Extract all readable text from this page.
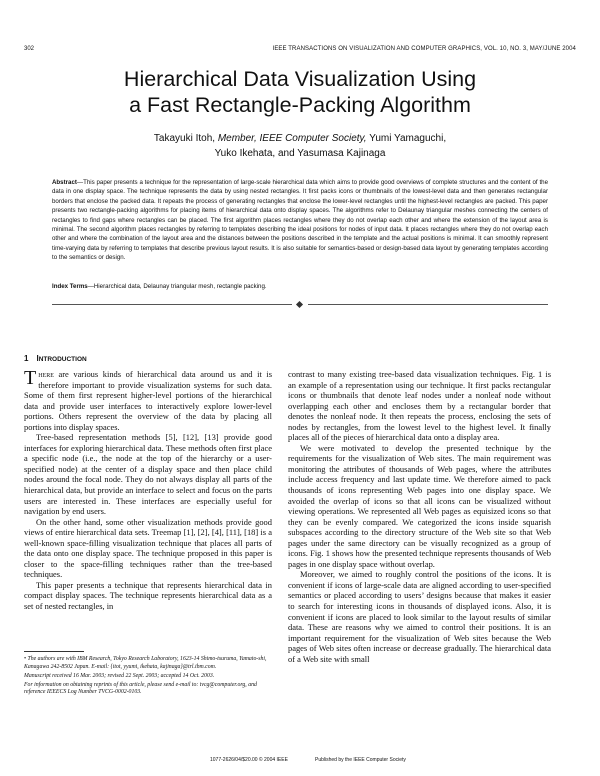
302	IEEE TRANSACTIONS ON VISUALIZATION AND COMPUTER GRAPHICS, VOL. 10, NO. 3, MAY/JUNE 2004
Hierarchical Data Visualization Using
a Fast Rectangle-Packing Algorithm
Takayuki Itoh, Member, IEEE Computer Society, Yumi Yamaguchi,
Yuko Ikehata, and Yasumasa Kajinaga
Abstract—This paper presents a technique for the representation of large-scale hierarchical data which aims to provide good overviews of complete structures and the content of the data in one display space. The technique represents the data by using nested rectangles. It first packs icons or thumbnails of the lowest-level data and then generates rectangular borders that enclose the packed data. It repeats the process of generating rectangles that enclose the lower-level rectangles until the highest-level rectangles are packed. This paper presents two rectangle-packing algorithms for placing items of hierarchical data onto display spaces. The algorithms refer to Delaunay triangular meshes connecting the centers of rectangles to find gaps where rectangles can be placed. The first algorithm places rectangles where they do not overlap each other and where the extension of the layout area is minimal. The second algorithm places rectangles by referring to templates describing the ideal positions for nodes of input data. It places rectangles where they do not overlap each other and where the combination of the layout area and the distances between the positions described in the template and the actual positions is minimal. It can smoothly represent time-varying data by referring to templates that describe previous layout results. It is also suitable for semantics-based or design-based data layout by generating templates according to the semantics or design.
Index Terms—Hierarchical data, Delaunay triangular mesh, rectangle packing.
1 INTRODUCTION

There are various kinds of hierarchical data around us and it is therefore important to provide visualization systems for such data. Some of them first represent higher-level portions of the hierarchical data and provide user interfaces to interactively explore lower-level portions. Others represent the overview of the data by placing all portions into display spaces.

Tree-based representation methods [5], [12], [13] provide good interfaces for exploring hierarchical data. These methods often first place a specific node (i.e., the node at the top of the hierarchy or a user-specified node) at the center of a display space and then place child nodes around the focal node. They do not always display all parts of the hierarchical data, but provide an interface to select and focus on the parts users are interested in. These interfaces are especially useful for navigation by end users.

On the other hand, some other visualization methods provide good views of entire hierarchical data sets. Treemap [1], [2], [4], [11], [18] is a well-known space-filling visualization technique that places all parts of the data onto one display space. The technique proposed in this paper is closer to the space-filling techniques rather than the tree-based techniques.

This paper presents a technique that represents hierarchical data in compact display spaces. The technique represents hierarchical data as a set of nested rectangles, in

contrast to many existing tree-based data visualization techniques. Fig. 1 is an example of a representation using our technique. It first packs rectangular icons or thumbnails that denote leaf nodes under a nonleaf node without overlapping each other and encloses them by a rectangular border that denotes the nonleaf node. It then repeats the process, enclosing the sets of nodes by rectangles, from the lowest level to the highest level. It finally places all of the pieces of hierarchical data onto a display area.

We were motivated to develop the presented technique by the requirements for the visualization of Web sites. The main requirement was monitoring the attributes of thousands of Web pages, where the attributes include access frequency and last update time. We therefore aimed to pack thousands of icons representing Web pages into one display space. We avoided the overlap of icons so that all icons can be visualized without viewing operations. We represented all Web pages as equisized icons so that they can be evenly compared. We categorized the icons inside squarish subspaces according to the directory structure of the Web site so that Web pages under the same directory can be visually recognized as a group of icons. Fig. 1 shows how the presented technique represents thousands of Web pages in one display space without overlap.

Moreover, we aimed to roughly control the positions of the icons. It is convenient if icons of large-scale data are aligned according to user-specified semantics or placed according to users’ designs because that makes it easier to search for interesting icons in thousands of displayed icons. Also, it is convenient if icons are placed to look similar to the layout results of similar data. These are reasons why we aimed to control their positions. It is an important requirement for the visualization of Web sites because the Web pages of Web sites often increase or decrease gradually. The hierarchical data of a Web site with small

• The authors are with IBM Research, Tokyo Research Laboratory, 1623-14 Shimo-tsuruma, Yamato-shi, Kanagawa 242-8502 Japan. E-mail: {itot, yyumi, ikehata, kajinaga}@trl.ibm.com.

Manuscript received 16 Mar. 2003; revised 22 Sept. 2003; accepted 14 Oct. 2003.

For information on obtaining reprints of this article, please send e-mail to: tvcg@computer.org, and reference IEEECS Log Number TVCG-0002-0103.

1077-2626/04/$20.00 © 2004 IEEE	Published by the IEEE Computer Society
